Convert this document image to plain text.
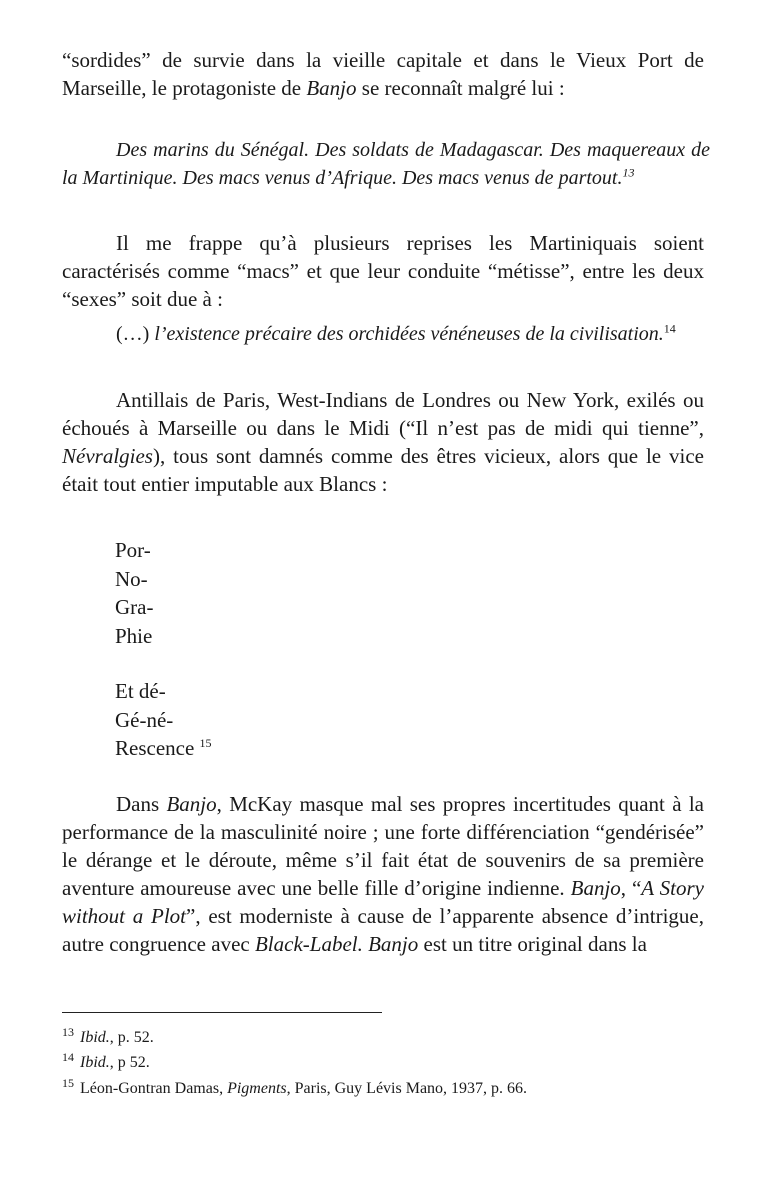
“sordides” de survie dans la vieille capitale et dans le Vieux Port de Marseille, le protagoniste de Banjo se reconnaît malgré lui :

Des marins du Sénégal. Des soldats de Madagascar. Des maquereaux de la Martinique. Des macs venus d’Afrique. Des macs venus de partout.$^{13}$

Il me frappe qu’à plusieurs reprises les Martiniquais soient caractérisés comme “macs” et que leur conduite “métisse”, entre les deux “sexes” soit due à :

(…) l’existence précaire des orchidées vénéneuses de la civilisation.$^{14}$

Antillais de Paris, West-Indians de Londres ou New York, exilés ou échoués à Marseille ou dans le Midi (“Il n’est pas de midi qui tienne”, Névralgies), tous sont damnés comme des êtres vicieux, alors que le vice était tout entier imputable aux Blancs :

Por-
No-
Gra-
Phie
Et dé-
Gé-né-
Rescence $^{15}$

Dans Banjo, McKay masque mal ses propres incertitudes quant à la performance de la masculinité noire ; une forte différenciation “gendérisée” le dérange et le déroute, même s’il fait état de souvenirs de sa première aventure amoureuse avec une belle fille d’origine indienne. Banjo, “A Story without a Plot”, est moderniste à cause de l’apparente absence d’intrigue, autre congruence avec Black-Label. Banjo est un titre original dans la

$^{13}$ Ibid., p. 52.

$^{14}$ Ibid., p 52.

$^{15}$ Léon-Gontran Damas, Pigments, Paris, Guy Lévis Mano, 1937, p. 66.
